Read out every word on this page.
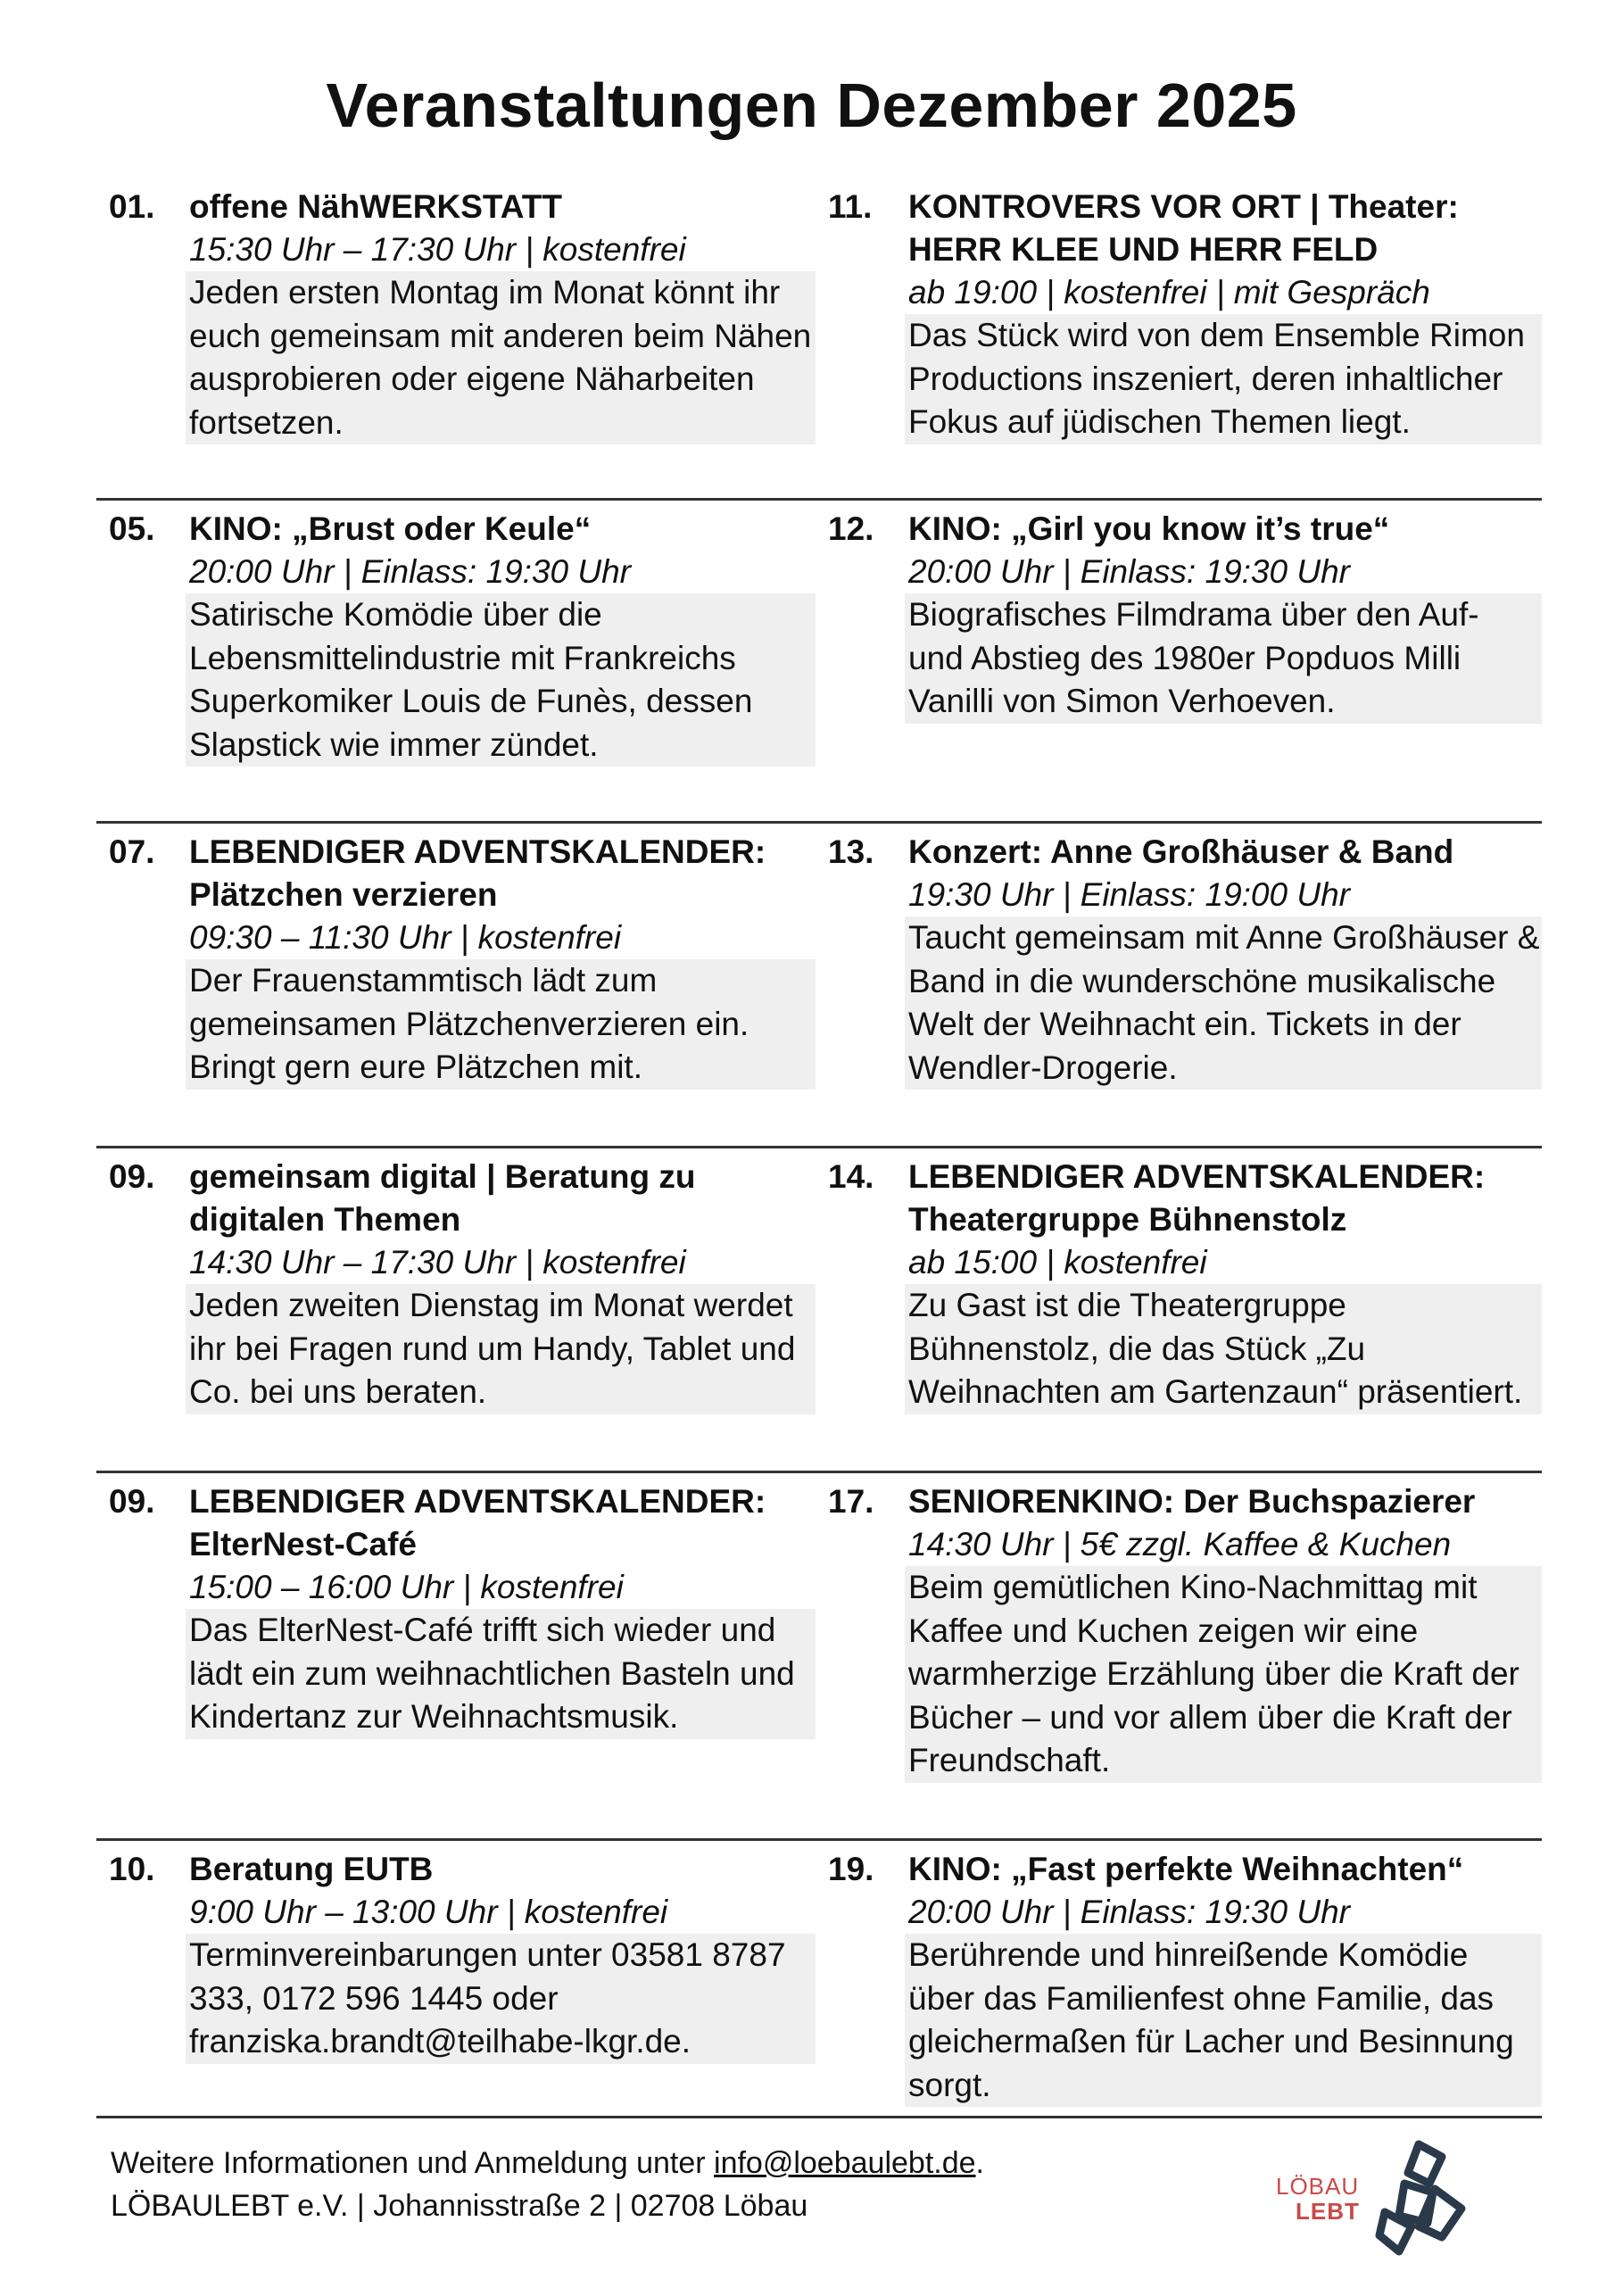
Veranstaltungen Dezember 2025
01.	offene NähWERKSTATT
15:30 Uhr – 17:30 Uhr | kostenfrei
Jeden ersten Montag im Monat könnt ihr euch gemeinsam mit anderen beim Nähen ausprobieren oder eigene Näharbeiten fortsetzen.
11.	KONTROVERS VOR ORT | Theater: HERR KLEE UND HERR FELD
ab 19:00 | kostenfrei | mit Gespräch
Das Stück wird von dem Ensemble Rimon Productions inszeniert, deren inhaltlicher Fokus auf jüdischen Themen liegt.
05.	KINO: „Brust oder Keule“
20:00 Uhr | Einlass: 19:30 Uhr
Satirische Komödie über die Lebensmittelindustrie mit Frankreichs Superkomiker Louis de Funès, dessen Slapstick wie immer zündet.
12.	KINO: „Girl you know it’s true“
20:00 Uhr | Einlass: 19:30 Uhr
Biografisches Filmdrama über den Auf- und Abstieg des 1980er Popduos Milli Vanilli von Simon Verhoeven.
07.	LEBENDIGER ADVENTSKALENDER: Plätzchen verzieren
09:30 – 11:30 Uhr | kostenfrei
Der Frauenstammtisch lädt zum gemeinsamen Plätzchenverzieren ein. Bringt gern eure Plätzchen mit.
13.	Konzert: Anne Großhäuser & Band
19:30 Uhr | Einlass: 19:00 Uhr
Taucht gemeinsam mit Anne Großhäuser & Band in die wunderschöne musikalische Welt der Weihnacht ein. Tickets in der Wendler-Drogerie.
09.	gemeinsam digital | Beratung zu digitalen Themen
14:30 Uhr – 17:30 Uhr | kostenfrei
Jeden zweiten Dienstag im Monat werdet ihr bei Fragen rund um Handy, Tablet und Co. bei uns beraten.
14.	LEBENDIGER ADVENTSKALENDER: Theatergruppe Bühnenstolz
ab 15:00 | kostenfrei
Zu Gast ist die Theatergruppe Bühnenstolz, die das Stück „Zu Weihnachten am Gartenzaun“ präsentiert.
09.	LEBENDIGER ADVENTSKALENDER: ElterNest-Café
15:00 – 16:00 Uhr | kostenfrei
Das ElterNest-Café trifft sich wieder und lädt ein zum weihnachtlichen Basteln und Kindertanz zur Weihnachtsmusik.
17.	SENIORENKINO: Der Buchspazierer
14:30 Uhr | 5€ zzgl. Kaffee & Kuchen
Beim gemütlichen Kino-Nachmittag mit Kaffee und Kuchen zeigen wir eine warmherzige Erzählung über die Kraft der Bücher – und vor allem über die Kraft der Freundschaft.
10.	Beratung EUTB
9:00 Uhr – 13:00 Uhr | kostenfrei
Terminvereinbarungen unter 03581 8787 333, 0172 596 1445 oder franziska.brandt@teilhabe-lkgr.de.
19.	KINO: „Fast perfekte Weihnachten“
20:00 Uhr | Einlass: 19:30 Uhr
Berührende und hinreißende Komödie über das Familienfest ohne Familie, das gleichermaßen für Lacher und Besinnung sorgt.
Weitere Informationen und Anmeldung unter info@loebaulebt.de.
LÖBAULEBT e.V. | Johannisstraße 2 | 02708 Löbau
LÖBAU
LEBT
